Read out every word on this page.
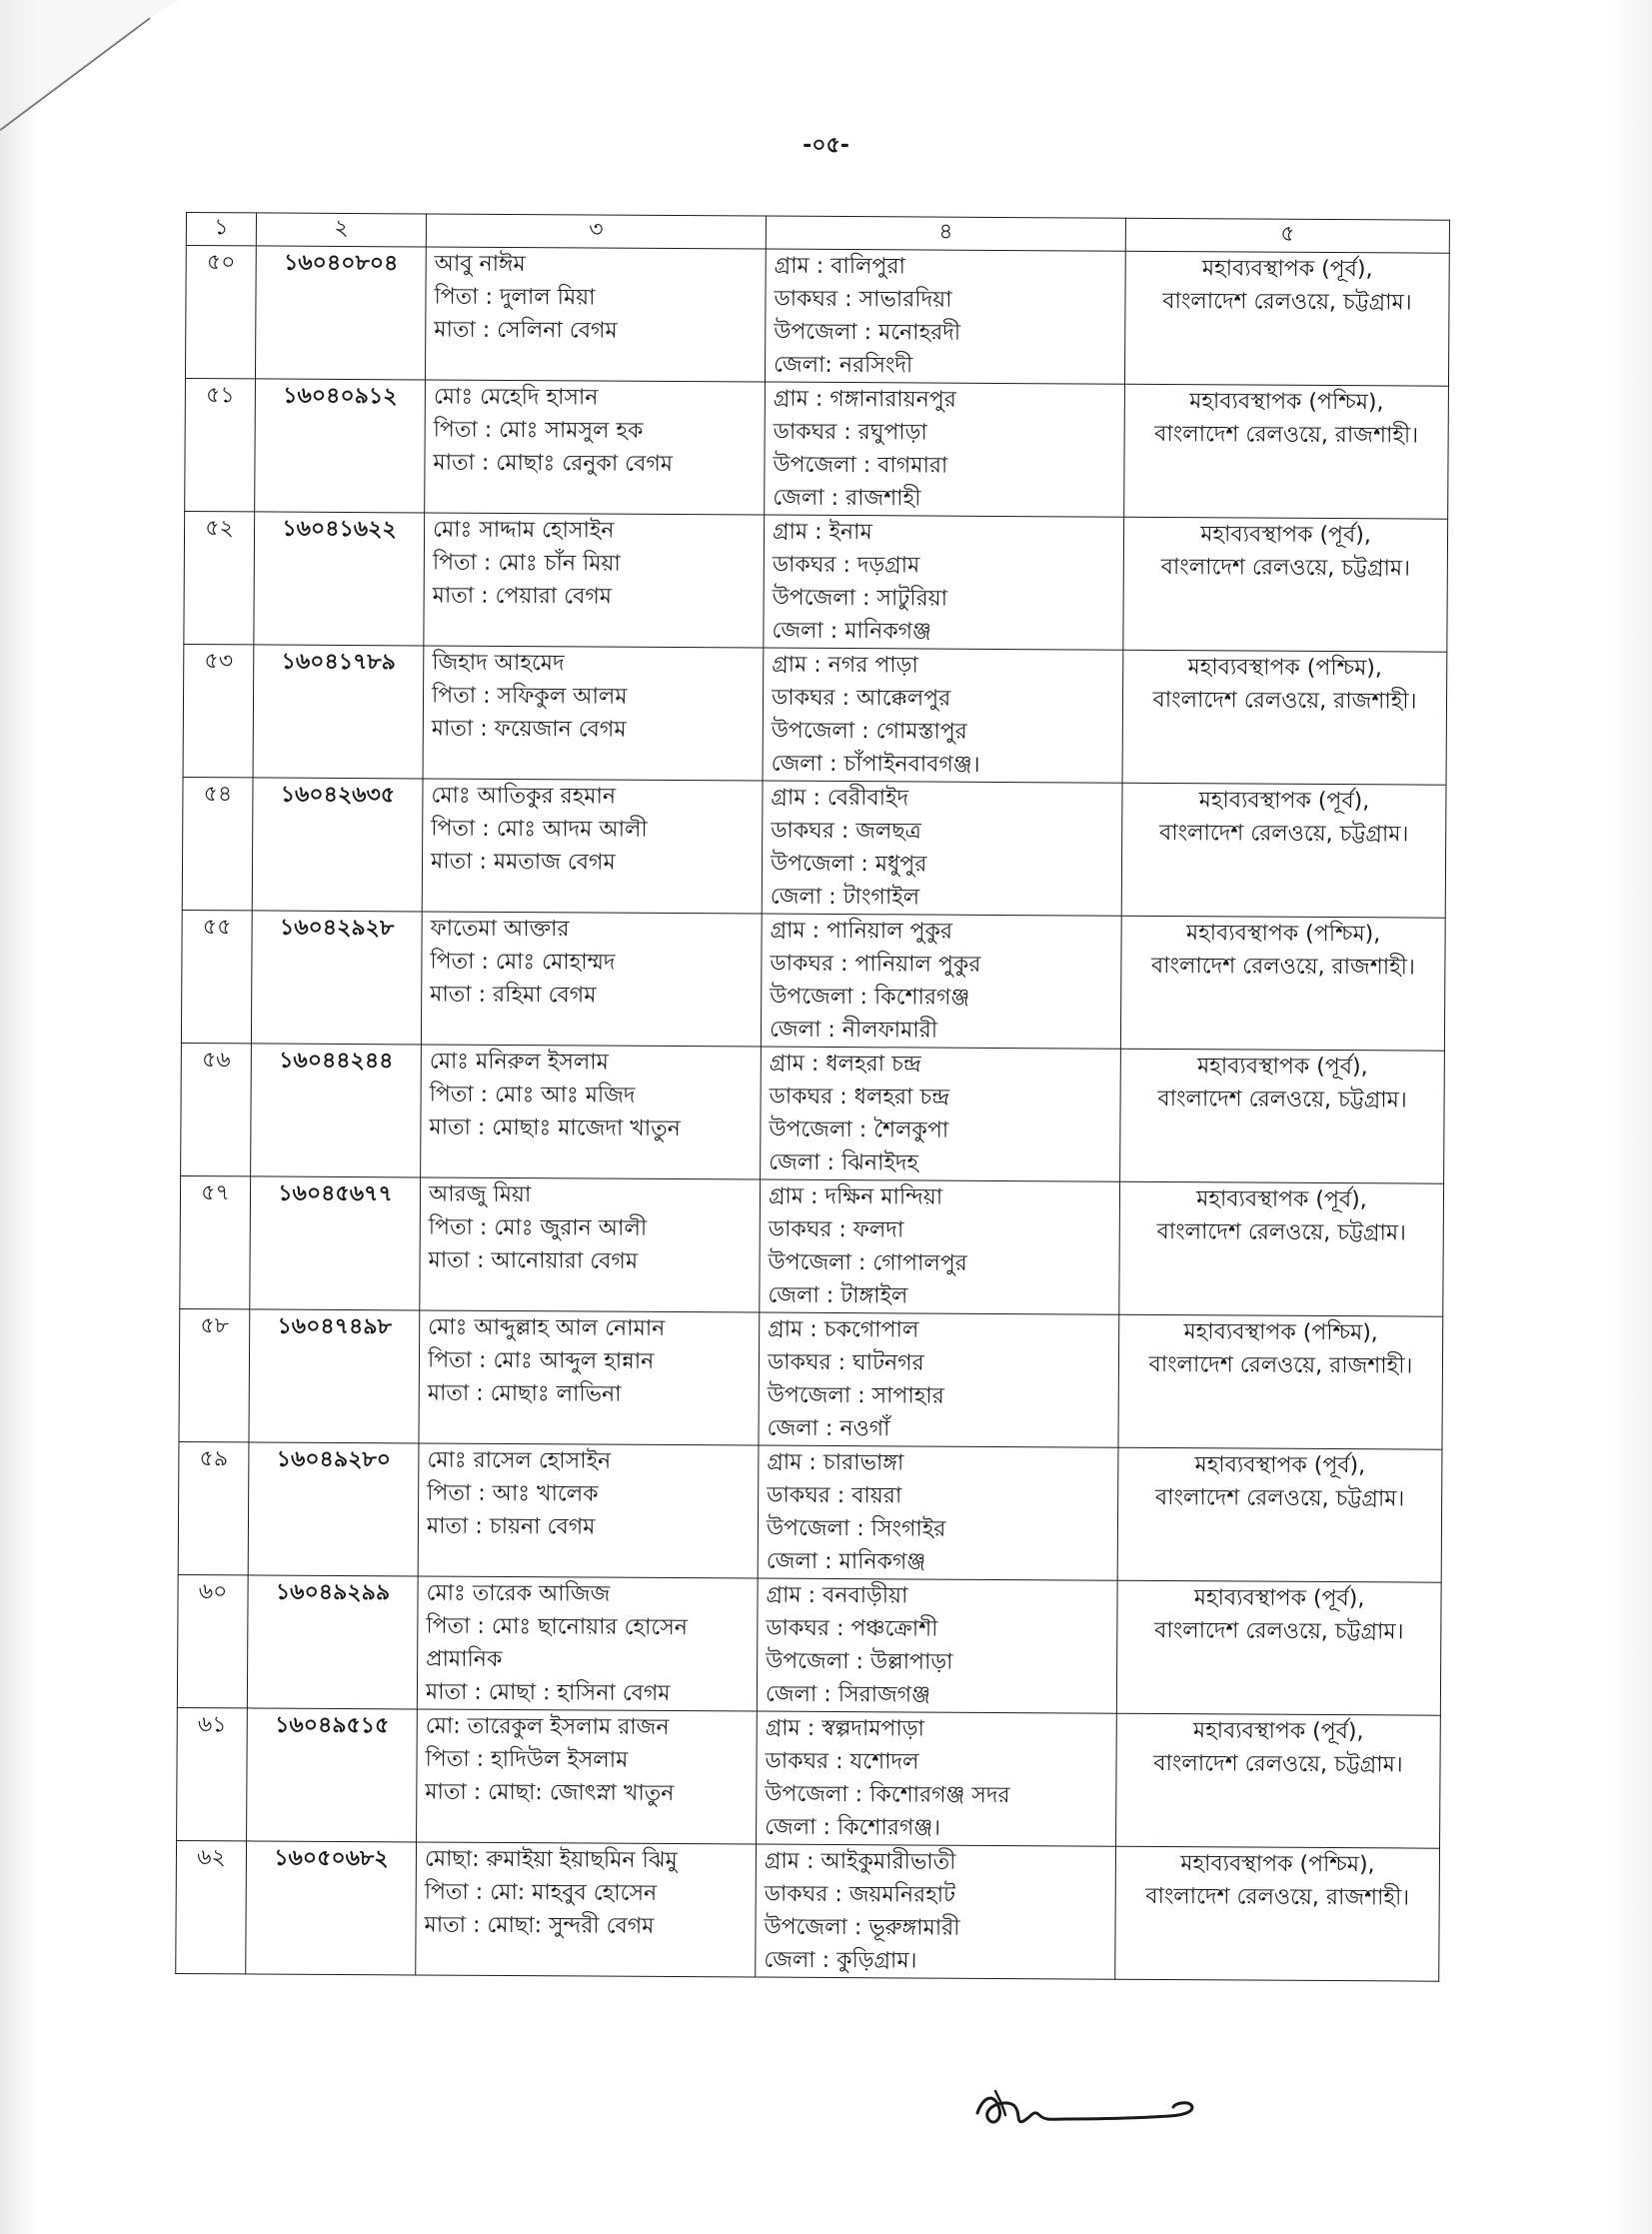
-০৫-
১	২	৩	৪	৫
৫০	১৬০৪০৮০৪	আবু নাঈম
পিতা : দুলাল মিয়া
মাতা : সেলিনা বেগম	গ্রাম : বালিপুরা
ডাকঘর : সাভারদিয়া
উপজেলা : মনোহরদী
জেলা: নরসিংদী	মহাব্যবস্থাপক (পূর্ব),
বাংলাদেশ রেলওয়ে, চট্টগ্রাম।

৫১	১৬০৪০৯১২	মোঃ মেহেদি হাসান
পিতা : মোঃ সামসুল হক
মাতা : মোছাঃ রেনুকা বেগম	গ্রাম : গঙ্গানারায়নপুর
ডাকঘর : রঘুপাড়া
উপজেলা : বাগমারা
জেলা : রাজশাহী	মহাব্যবস্থাপক (পশ্চিম),
বাংলাদেশ রেলওয়ে, রাজশাহী।

৫২	১৬০৪১৬২২	মোঃ সাদ্দাম হোসাইন
পিতা : মোঃ চাঁন মিয়া
মাতা : পেয়ারা বেগম	গ্রাম : ইনাম
ডাকঘর : দড়গ্রাম
উপজেলা : সাটুরিয়া
জেলা : মানিকগঞ্জ	মহাব্যবস্থাপক (পূর্ব),
বাংলাদেশ রেলওয়ে, চট্টগ্রাম।

৫৩	১৬০৪১৭৮৯	জিহাদ আহমেদ
পিতা : সফিকুল আলম
মাতা : ফয়েজান বেগম	গ্রাম : নগর পাড়া
ডাকঘর : আক্কেলপুর
উপজেলা : গোমস্তাপুর
জেলা : চাঁপাইনবাবগঞ্জ।	মহাব্যবস্থাপক (পশ্চিম),
বাংলাদেশ রেলওয়ে, রাজশাহী।

৫৪	১৬০৪২৬৩৫	মোঃ আতিকুর রহমান
পিতা : মোঃ আদম আলী
মাতা : মমতাজ বেগম	গ্রাম : বেরীবাইদ
ডাকঘর : জলছত্র
উপজেলা : মধুপুর
জেলা : টাংগাইল	মহাব্যবস্থাপক (পূর্ব),
বাংলাদেশ রেলওয়ে, চট্টগ্রাম।

৫৫	১৬০৪২৯২৮	ফাতেমা আক্তার
পিতা : মোঃ মোহাম্মদ
মাতা : রহিমা বেগম	গ্রাম : পানিয়াল পুকুর
ডাকঘর : পানিয়াল পুকুর
উপজেলা : কিশোরগঞ্জ
জেলা : নীলফামারী	মহাব্যবস্থাপক (পশ্চিম),
বাংলাদেশ রেলওয়ে, রাজশাহী।

৫৬	১৬০৪৪২৪৪	মোঃ মনিরুল ইসলাম
পিতা : মোঃ আঃ মজিদ
মাতা : মোছাঃ মাজেদা খাতুন	গ্রাম : ধলহরা চন্দ্র
ডাকঘর : ধলহরা চন্দ্র
উপজেলা : শৈলকুপা
জেলা : ঝিনাইদহ	মহাব্যবস্থাপক (পূর্ব),
বাংলাদেশ রেলওয়ে, চট্টগ্রাম।

৫৭	১৬০৪৫৬৭৭	আরজু মিয়া
পিতা : মোঃ জুরান আলী
মাতা : আনোয়ারা বেগম	গ্রাম : দক্ষিন মান্দিয়া
ডাকঘর : ফলদা
উপজেলা : গোপালপুর
জেলা : টাঙ্গাইল	মহাব্যবস্থাপক (পূর্ব),
বাংলাদেশ রেলওয়ে, চট্টগ্রাম।

৫৮	১৬০৪৭৪৯৮	মোঃ আব্দুল্লাহ আল নোমান
পিতা : মোঃ আব্দুল হান্নান
মাতা : মোছাঃ লাভিনা	গ্রাম : চকগোপাল
ডাকঘর : ঘাটনগর
উপজেলা : সাপাহার
জেলা : নওগাঁ	মহাব্যবস্থাপক (পশ্চিম),
বাংলাদেশ রেলওয়ে, রাজশাহী।

৫৯	১৬০৪৯২৮০	মোঃ রাসেল হোসাইন
পিতা : আঃ খালেক
মাতা : চায়না বেগম	গ্রাম : চারাভাঙ্গা
ডাকঘর : বায়রা
উপজেলা : সিংগাইর
জেলা : মানিকগঞ্জ	মহাব্যবস্থাপক (পূর্ব),
বাংলাদেশ রেলওয়ে, চট্টগ্রাম।

৬০	১৬০৪৯২৯৯	মোঃ তারেক আজিজ
পিতা : মোঃ ছানোয়ার হোসেন
প্রামানিক
মাতা : মোছা : হাসিনা বেগম	গ্রাম : বনবাড়ীয়া
ডাকঘর : পঞ্চক্রোশী
উপজেলা : উল্লাপাড়া
জেলা : সিরাজগঞ্জ	মহাব্যবস্থাপক (পূর্ব),
বাংলাদেশ রেলওয়ে, চট্টগ্রাম।

৬১	১৬০৪৯৫১৫	মো: তারেকুল ইসলাম রাজন
পিতা : হাদিউল ইসলাম
মাতা : মোছা: জোৎস্না খাতুন	গ্রাম : স্বল্পদামপাড়া
ডাকঘর : যশোদল
উপজেলা : কিশোরগঞ্জ সদর
জেলা : কিশোরগঞ্জ।	মহাব্যবস্থাপক (পূর্ব),
বাংলাদেশ রেলওয়ে, চট্টগ্রাম।

৬২	১৬০৫০৬৮২	মোছা: রুমাইয়া ইয়াছমিন ঝিমু
পিতা : মো: মাহবুব হোসেন
মাতা : মোছা: সুন্দরী বেগম	গ্রাম : আইকুমারীভাতী
ডাকঘর : জয়মনিরহাট
উপজেলা : ভূরুঙ্গামারী
জেলা : কুড়িগ্রাম।	মহাব্যবস্থাপক (পশ্চিম),
বাংলাদেশ রেলওয়ে, রাজশাহী।
